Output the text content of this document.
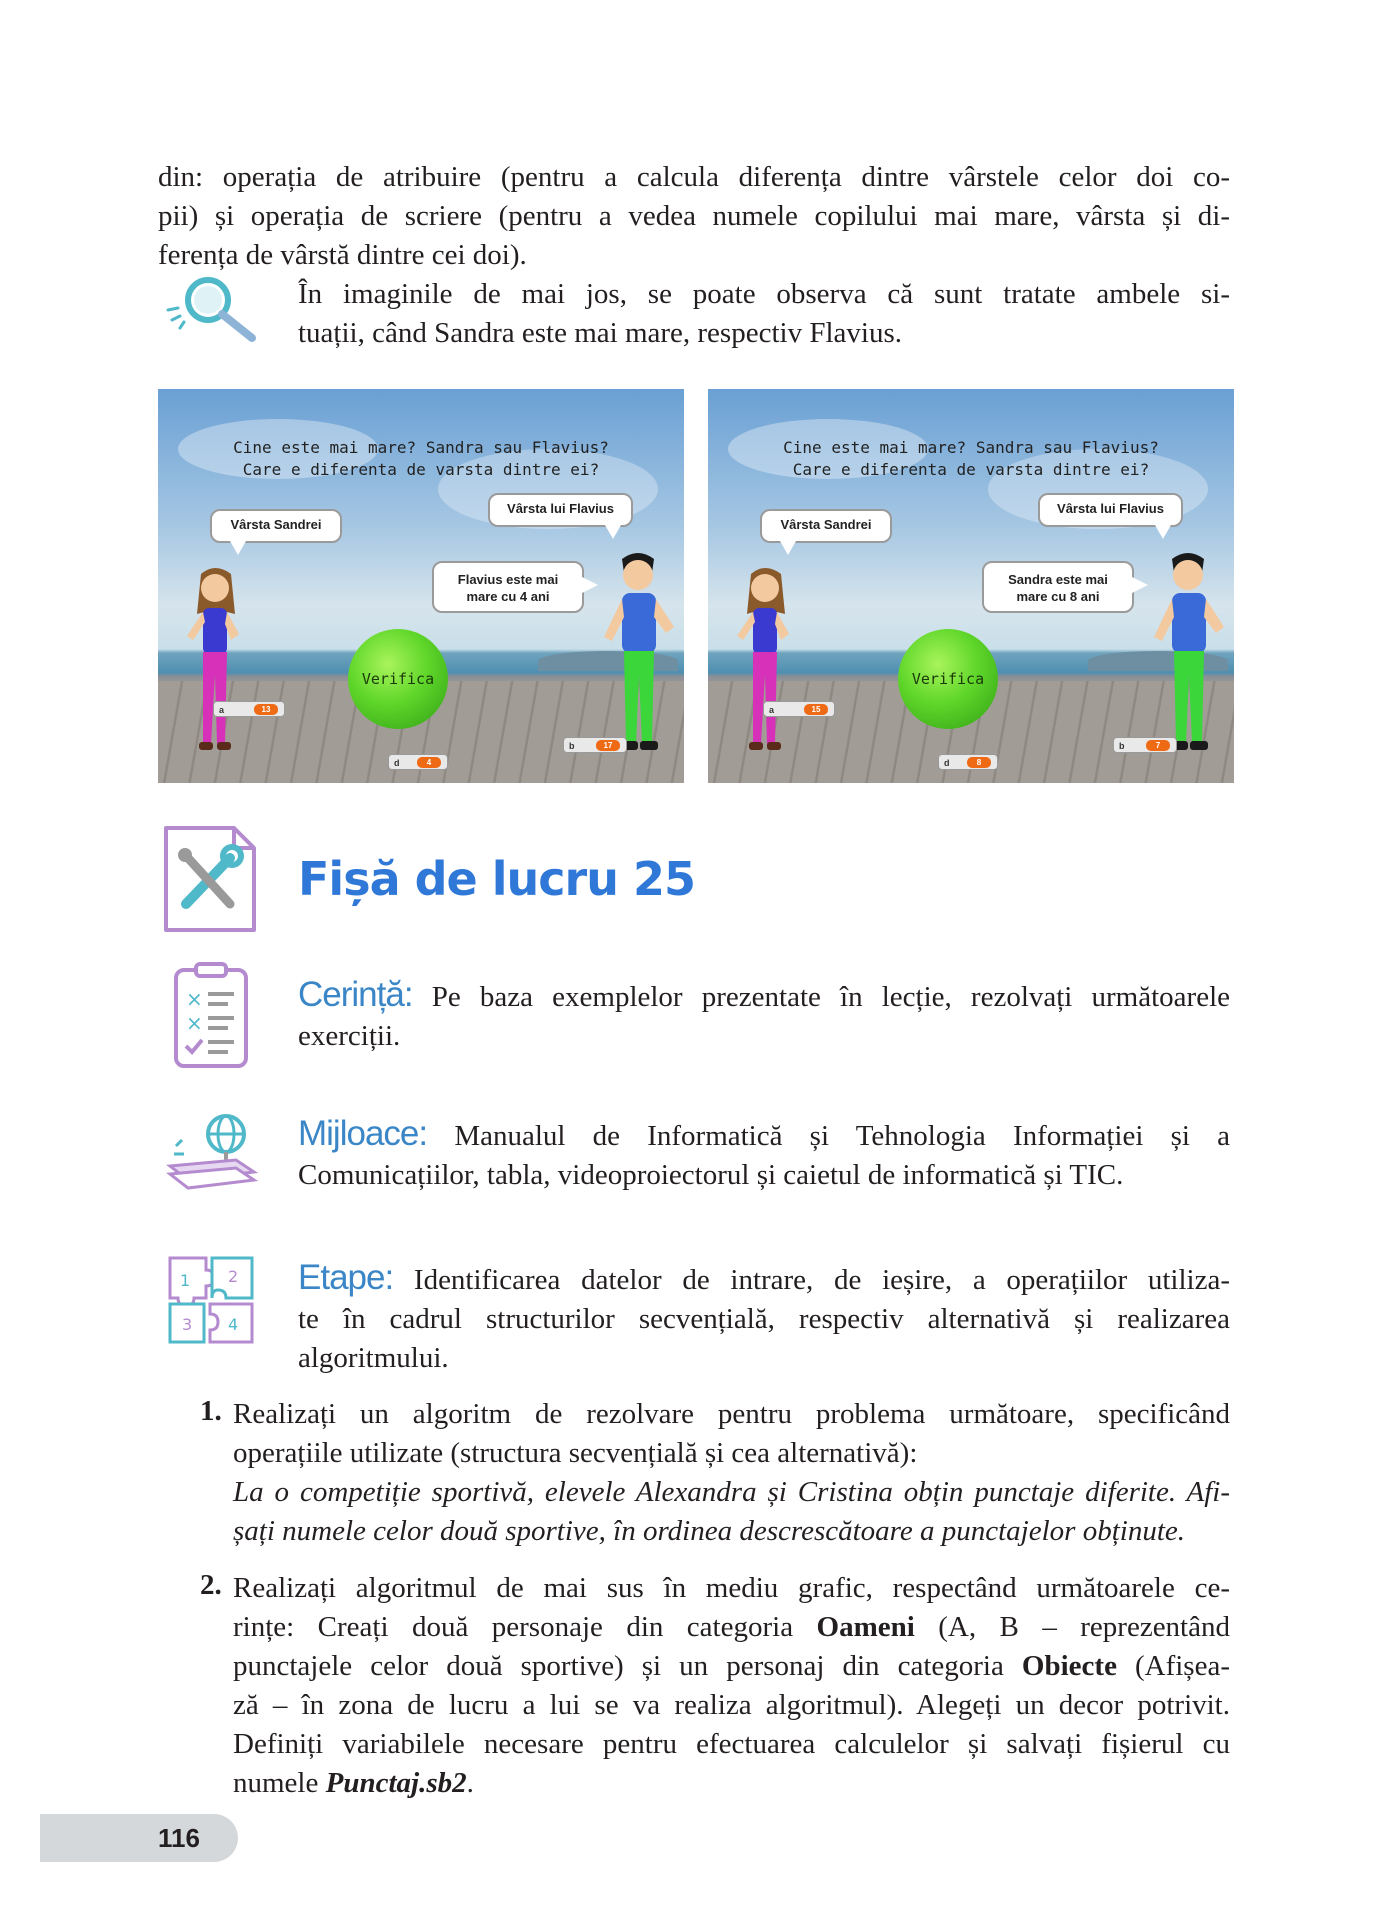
din: operația de atribuire (pentru a calcula diferența dintre vârstele celor doi co-
pii) și operația de scriere (pentru a vedea numele copilului mai mare, vârsta și di-
ferența de vârstă dintre cei doi).
În imaginile de mai jos, se poate observa că sunt tratate ambele si-
tuații, când Sandra este mai mare, respectiv Flavius.
Cine este mai mare? Sandra sau Flavius?
Care e diferenta de varsta dintre ei?
Vârsta Sandrei
Vârsta lui Flavius
Flavius este mai
mare cu 4 ani
Verifica
a	13
d	4
b	17
Cine este mai mare? Sandra sau Flavius?
Care e diferenta de varsta dintre ei?
Vârsta Sandrei
Vârsta lui Flavius
Sandra este mai
mare cu 8 ani
Verifica
a	15
d	8
b	7
Fișă de lucru 25
×
×
Cerință: Pe baza exemplelor prezentate în lecție, rezolvați următoarele
exerciții.
Mijloace: Manualul de Informatică și Tehnologia Informației și a
Comunicațiilor, tabla, videoproiectorul și caietul de informatică și TIC.
1 2
3 4
Etape: Identificarea datelor de intrare, de ieșire, a operațiilor utiliza-
te în cadrul structurilor secvențială, respectiv alternativă și realizarea
algoritmului.
1. Realizați un algoritm de rezolvare pentru problema următoare, specificând
operațiile utilizate (structura secvențială și cea alternativă):
La o competiție sportivă, elevele Alexandra și Cristina obțin punctaje diferite. Afi-
șați numele celor două sportive, în ordinea descrescătoare a punctajelor obținute.
2. Realizați algoritmul de mai sus în mediu grafic, respectând următoarele ce-
rințe: Creați două personaje din categoria Oameni (A, B – reprezentând
punctajele celor două sportive) și un personaj din categoria Obiecte (Afișea-
ză – în zona de lucru a lui se va realiza algoritmul). Alegeți un decor potrivit.
Definiți variabilele necesare pentru efectuarea calculelor și salvați fișierul cu
numele Punctaj.sb2.
116
